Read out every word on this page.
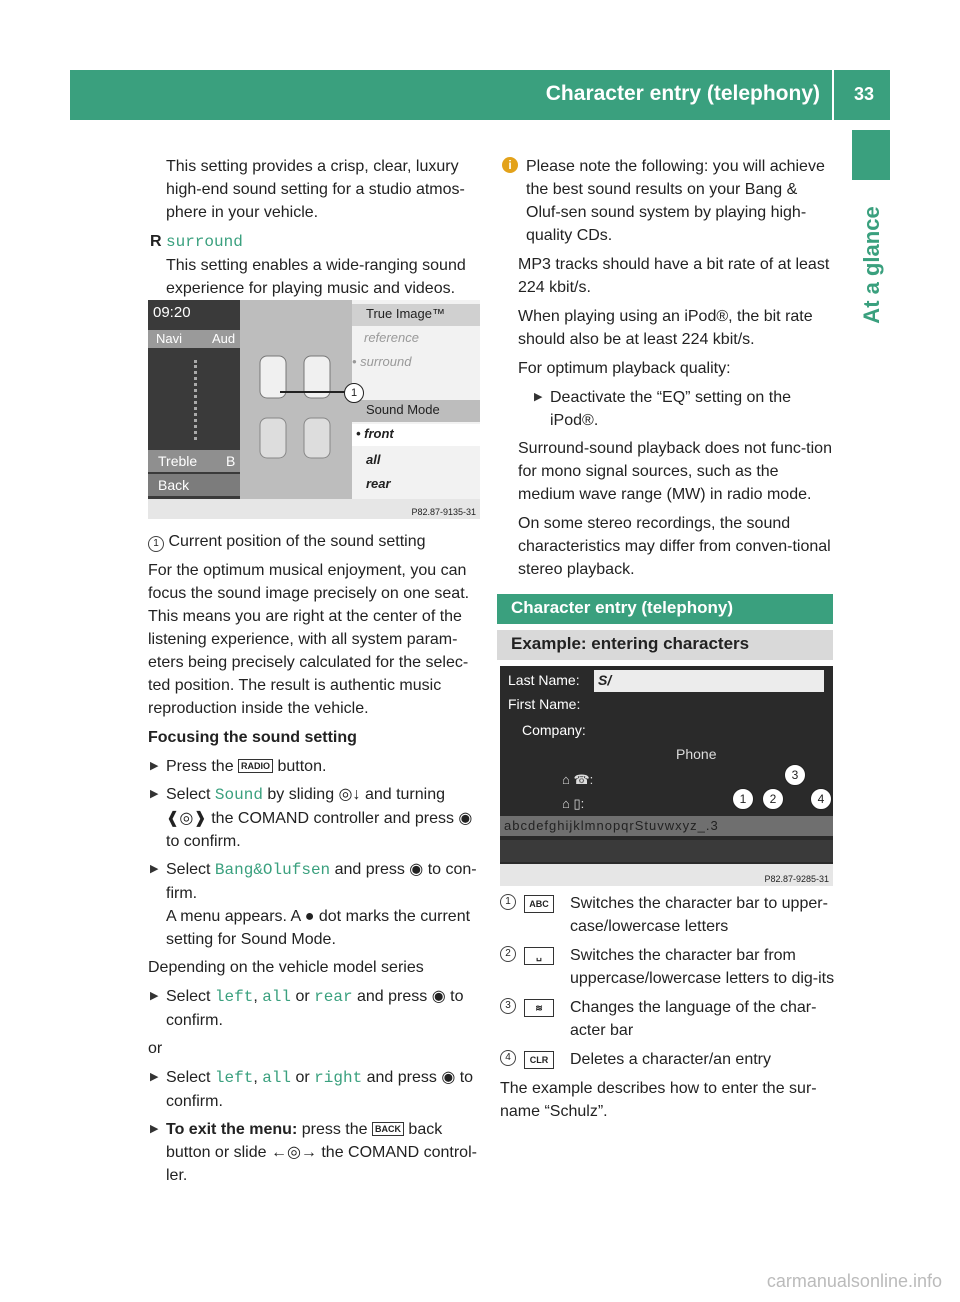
Character entry (telephony) 33
At a glance

This setting provides a crisp, clear, luxury high-end sound setting for a studio atmos-phere in your vehicle.

R surround
This setting enables a wide-ranging sound experience for playing music and videos.
09:20
Navi Aud
Treble B
Back
True Image™
reference
• surround
Sound Mode
• front
all
rear
1
P82.87-9135-31

1 Current position of the sound setting

For the optimum musical enjoyment, you can focus the sound image precisely on one seat. This means you are right at the center of the listening experience, with all system param-eters being precisely calculated for the selec-ted position. The result is authentic music reproduction inside the vehicle.

Focusing the sound setting

▶ Press the RADIO button.
▶ Select Sound by sliding ◎↓ and turning ❰◎❱ the COMAND controller and press ◉ to confirm.
▶ Select Bang&Olufsen and press ◉ to con-firm.
A menu appears. A ● dot marks the current setting for Sound Mode.

Depending on the vehicle model series

▶ Select left, all or rear and press ◉ to confirm.

or

▶ Select left, all or right and press ◉ to confirm.
▶ To exit the menu: press the BACK back button or slide ←◎→ the COMAND control-ler.
i Please note the following: you will achieve the best sound results on your Bang & Oluf-sen sound system by playing high-quality CDs.

MP3 tracks should have a bit rate of at least 224 kbit/s.

When playing using an iPod®, the bit rate should also be at least 224 kbit/s.

For optimum playback quality:

▶ Deactivate the “EQ” setting on the iPod®.

Surround-sound playback does not func-tion for mono signal sources, such as the medium wave range (MW) in radio mode.

On some stereo recordings, the sound characteristics may differ from conven-tional stereo playback.

Character entry (telephony)
Example: entering characters
Last Name: S/
First Name:
Company:
Phone
⌂ ☎:
⌂ ▯:
abcdefghijklmnopqrStuvwxyz_.3
1	2
3
4
P82.87-9285-31
1	ABC	Switches the character bar to upper-case/lowercase letters
2	␣	Switches the character bar from uppercase/lowercase letters to dig-its
3	≋	Changes the language of the char-acter bar
4	CLR	Deletes a character/an entry

The example describes how to enter the sur-name “Schulz”.

carmanualsonline.info
